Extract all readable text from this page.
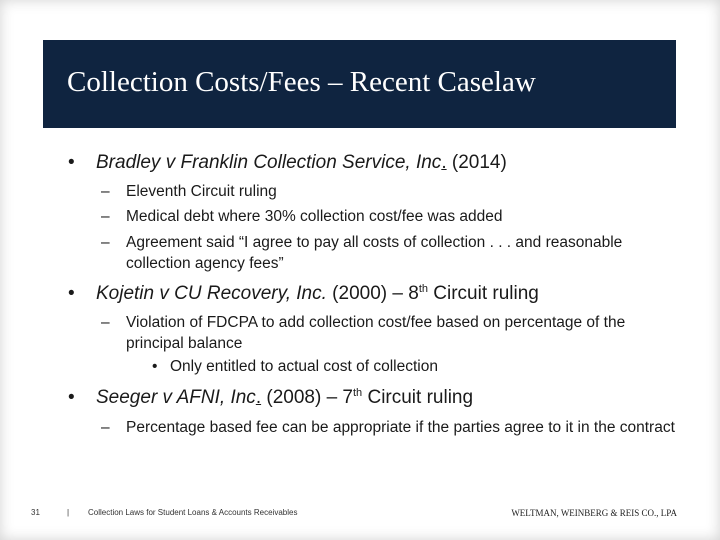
Collection Costs/Fees – Recent Caselaw
• Bradley v Franklin Collection Service, Inc. (2014)
– Eleventh Circuit ruling
– Medical debt where 30% collection cost/fee was added
– Agreement said “I agree to pay all costs of collection . . . and reasonable collection agency fees”
• Kojetin v CU Recovery, Inc. (2000) – 8th Circuit ruling
– Violation of FDCPA to add collection cost/fee based on percentage of the principal balance
• Only entitled to actual cost of collection
• Seeger v AFNI, Inc. (2008) – 7th Circuit ruling
– Percentage based fee can be appropriate if the parties agree to it in the contract
31	| Collection Laws for Student Loans & Accounts Receivables	WELTMAN, WEINBERG & REIS CO., LPA
